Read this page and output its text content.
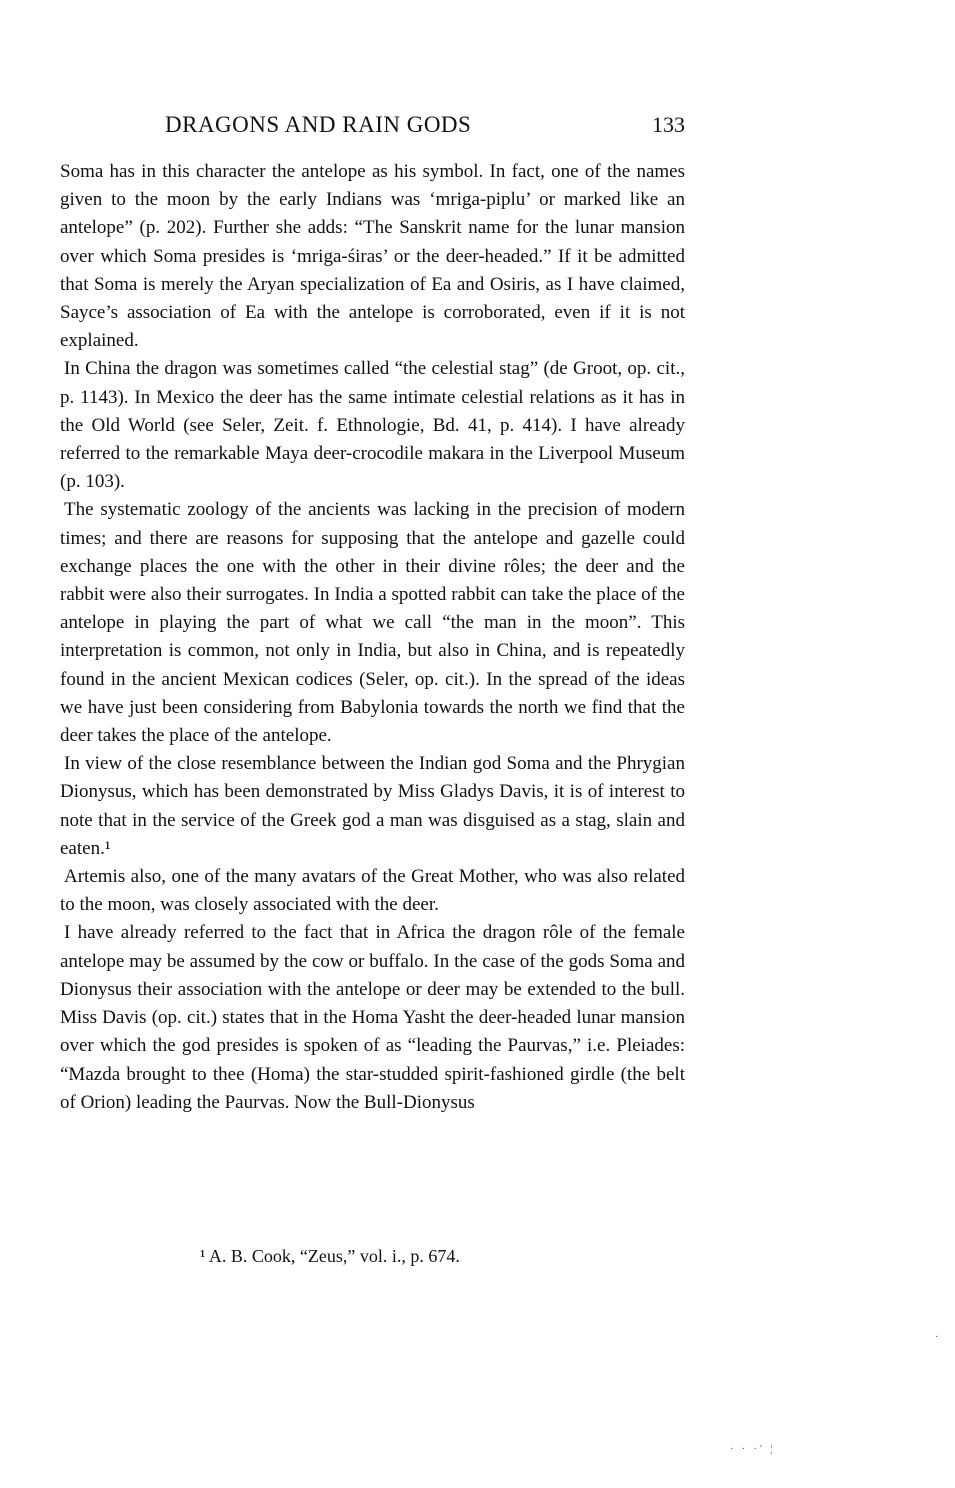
DRAGONS AND RAIN GODS	133

Soma has in this character the antelope as his symbol. In fact, one of the names given to the moon by the early Indians was ‘mriga-piplu’ or marked like an antelope” (p. 202). Further she adds: “The Sanskrit name for the lunar mansion over which Soma presides is ‘mriga-śiras’ or the deer-headed.” If it be admitted that Soma is merely the Aryan specialization of Ea and Osiris, as I have claimed, Sayce’s association of Ea with the antelope is corroborated, even if it is not explained.

In China the dragon was sometimes called “the celestial stag” (de Groot, op. cit., p. 1143). In Mexico the deer has the same intimate celestial relations as it has in the Old World (see Seler, Zeit. f. Ethnologie, Bd. 41, p. 414). I have already referred to the remarkable Maya deer-crocodile makara in the Liverpool Museum (p. 103).

The systematic zoology of the ancients was lacking in the precision of modern times; and there are reasons for supposing that the antelope and gazelle could exchange places the one with the other in their divine rôles; the deer and the rabbit were also their surrogates. In India a spotted rabbit can take the place of the antelope in playing the part of what we call “the man in the moon”. This interpretation is common, not only in India, but also in China, and is repeatedly found in the ancient Mexican codices (Seler, op. cit.). In the spread of the ideas we have just been considering from Babylonia towards the north we find that the deer takes the place of the antelope.

In view of the close resemblance between the Indian god Soma and the Phrygian Dionysus, which has been demonstrated by Miss Gladys Davis, it is of interest to note that in the service of the Greek god a man was disguised as a stag, slain and eaten.¹

Artemis also, one of the many avatars of the Great Mother, who was also related to the moon, was closely associated with the deer.

I have already referred to the fact that in Africa the dragon rôle of the female antelope may be assumed by the cow or buffalo. In the case of the gods Soma and Dionysus their association with the antelope or deer may be extended to the bull. Miss Davis (op. cit.) states that in the Homa Yasht the deer-headed lunar mansion over which the god presides is spoken of as “leading the Paurvas,” i.e. Pleiades: “Mazda brought to thee (Homa) the star-studded spirit-fashioned girdle (the belt of Orion) leading the Paurvas. Now the Bull-Dionysus

¹ A. B. Cook, “Zeus,” vol. i., p. 674.
·
· · ·' ¦
